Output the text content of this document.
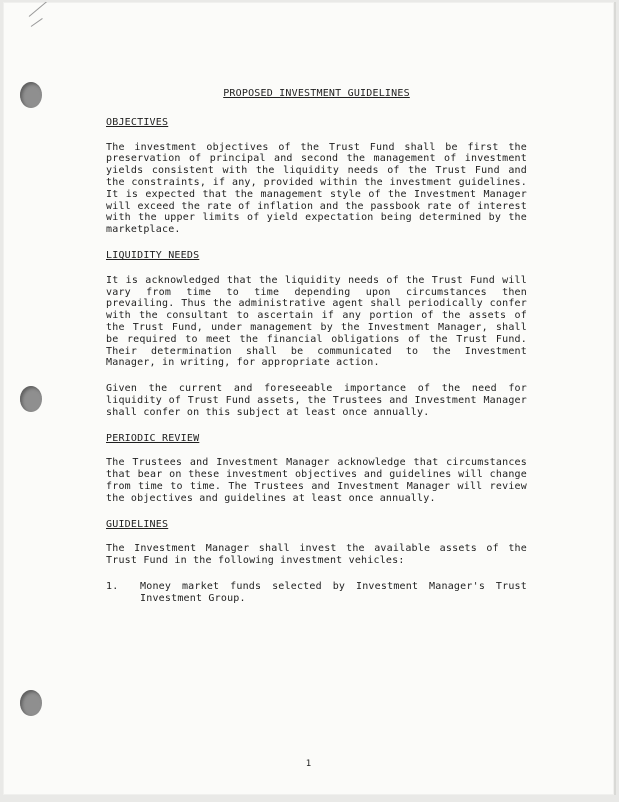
PROPOSED INVESTMENT GUIDELINES
OBJECTIVES

The investment objectives of the Trust Fund shall be first the preservation of principal and second the management of investment yields consistent with the liquidity needs of the Trust Fund and the constraints, if any, provided within the investment guidelines. It is expected that the management style of the Investment Manager will exceed the rate of inflation and the passbook rate of interest with the upper limits of yield expectation being determined by the marketplace.

LIQUIDITY NEEDS

It is acknowledged that the liquidity needs of the Trust Fund will vary from time to time depending upon circumstances then prevailing. Thus the administrative agent shall periodically confer with the consultant to ascertain if any portion of the assets of the Trust Fund, under management by the Investment Manager, shall be required to meet the financial obligations of the Trust Fund. Their determination shall be communicated to the Investment Manager, in writing, for appropriate action.

Given the current and foreseeable importance of the need for liquidity of Trust Fund assets, the Trustees and Investment Manager shall confer on this subject at least once annually.

PERIODIC REVIEW

The Trustees and Investment Manager acknowledge that circumstances that bear on these investment objectives and guidelines will change from time to time. The Trustees and Investment Manager will review the objectives and guidelines at least once annually.

GUIDELINES

The Investment Manager shall invest the available assets of the Trust Fund in the following investment vehicles:

1.	Money market funds selected by Investment Manager's Trust Investment Group.
1
